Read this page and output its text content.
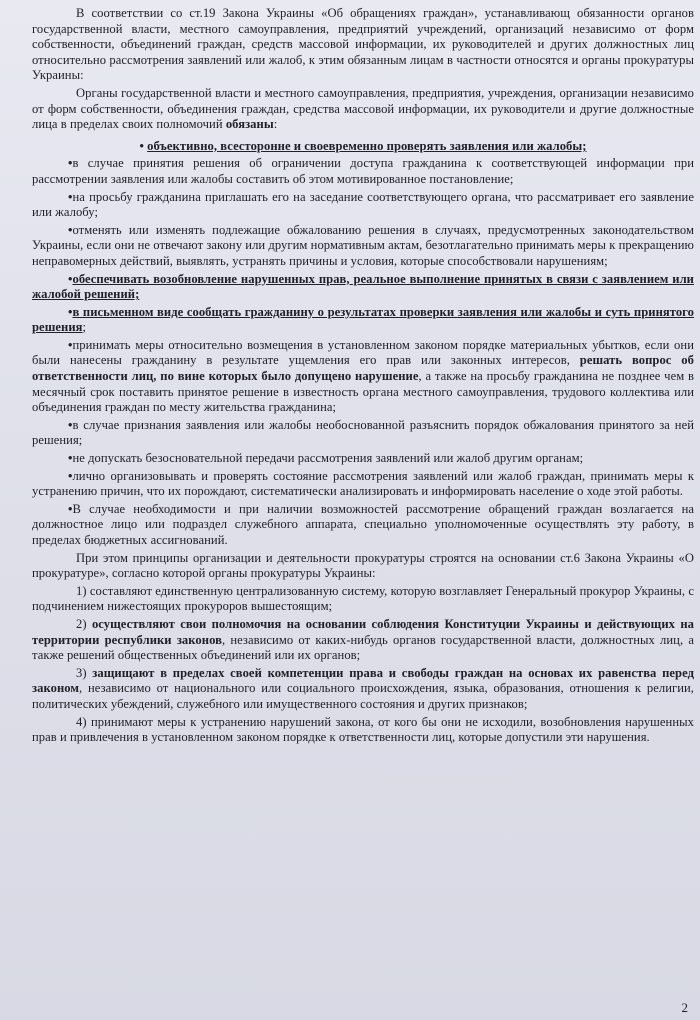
В соответствии со ст.19 Закона Украины «Об обращениях граждан», устанавливающ обязанности органов государственной власти, местного самоуправления, предприятий учреждений, организаций независимо от форм собственности, объединений граждан, средств массовой информации, их руководителей и других должностных лиц относительно рассмотрения заявлений или жалоб, к этим обязанным лицам в частности относятся и органы прокуратуры Украины:

Органы государственной власти и местного самоуправления, предприятия, учреждения, организации независимо от форм собственности, объединения граждан, средства массовой информации, их руководители и другие должностные лица в пределах своих полномочий обязаны:

• объективно, всесторонне и своевременно проверять заявления или жалобы;

• в случае принятия решения об ограничении доступа гражданина к соответствующей информации при рассмотрении заявления или жалобы составить об этом мотивированное постановление;

• на просьбу гражданина приглашать его на заседание соответствующего органа, что рассматривает его заявление или жалобу;

• отменять или изменять подлежащие обжалованию решения в случаях, предусмотренных законодательством Украины, если они не отвечают закону или другим нормативным актам, безотлагательно принимать меры к прекращению неправомерных действий, выявлять, устранять причины и условия, которые способствовали нарушениям;

• обеспечивать возобновление нарушенных прав, реальное выполнение принятых в связи с заявлением или жалобой решений;

• в письменном виде сообщать гражданину о результатах проверки заявления или жалобы и суть принятого решения;

• принимать меры относительно возмещения в установленном законом порядке материальных убытков, если они были нанесены гражданину в результате ущемления его прав или законных интересов, решать вопрос об ответственности лиц, по вине которых было допущено нарушение, а также на просьбу гражданина не позднее чем в месячный срок поставить принятое решение в известность органа местного самоуправления, трудового коллектива или объединения граждан по месту жительства гражданина;

• в случае признания заявления или жалобы необоснованной разъяснить порядок обжалования принятого за ней решения;

• не допускать безосновательной передачи рассмотрения заявлений или жалоб другим органам;

• лично организовывать и проверять состояние рассмотрения заявлений или жалоб граждан, принимать меры к устранению причин, что их порождают, систематически анализировать и информировать население о ходе этой работы.

• В случае необходимости и при наличии возможностей рассмотрение обращений граждан возлагается на должностное лицо или подраздел служебного аппарата, специально уполномоченные осуществлять эту работу, в пределах бюджетных ассигнований.

При этом принципы организации и деятельности прокуратуры строятся на основании ст.6 Закона Украины «О прокуратуре», согласно которой органы прокуратуры Украины:

1) составляют единственную централизованную систему, которую возглавляет Генеральный прокурор Украины, с подчинением нижестоящих прокуроров вышестоящим;

2) осуществляют свои полномочия на основании соблюдения Конституции Украины и действующих на территории республики законов, независимо от каких-нибудь органов государственной власти, должностных лиц, а также решений общественных объединений или их органов;

3) защищают в пределах своей компетенции права и свободы граждан на основах их равенства перед законом, независимо от национального или социального происхождения, языка, образования, отношения к религии, политических убеждений, служебного или имущественного состояния и других признаков;

4) принимают меры к устранению нарушений закона, от кого бы они не исходили, возобновления нарушенных прав и привлечения в установленном законом порядке к ответственности лиц, которые допустили эти нарушения.

2
